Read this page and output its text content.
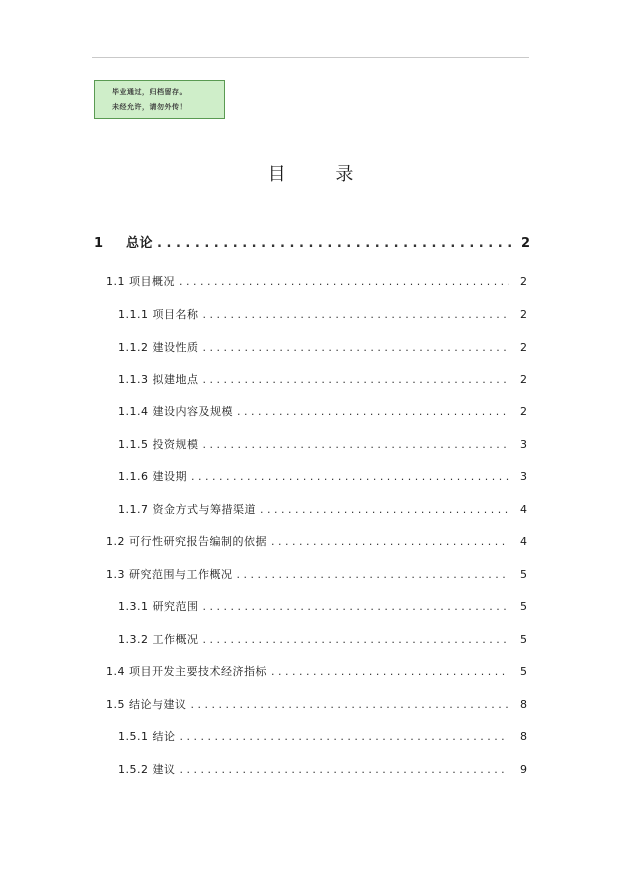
毕业通过，归档留存。
未经允许，请勿外传！
目 录
1 总论 . . .	2
1.1 项目概况 . . .	2
1.1.1 项目名称 . . .	2
1.1.2 建设性质 . . .	2
1.1.3 拟建地点 . . .	2
1.1.4 建设内容及规模 . . .	2
1.1.5 投资规模 . . .	3
1.1.6 建设期 . . .	3
1.1.7 资金方式与筹措渠道 . . .	4
1.2 可行性研究报告编制的依据 . . .	4
1.3 研究范围与工作概况 . . .	5
1.3.1 研究范围 . . .	5
1.3.2 工作概况 . . .	5
1.4 项目开发主要技术经济指标 . . .	5
1.5 结论与建议 . . .	8
1.5.1 结论 . . .	8
1.5.2 建议 . . .	9
